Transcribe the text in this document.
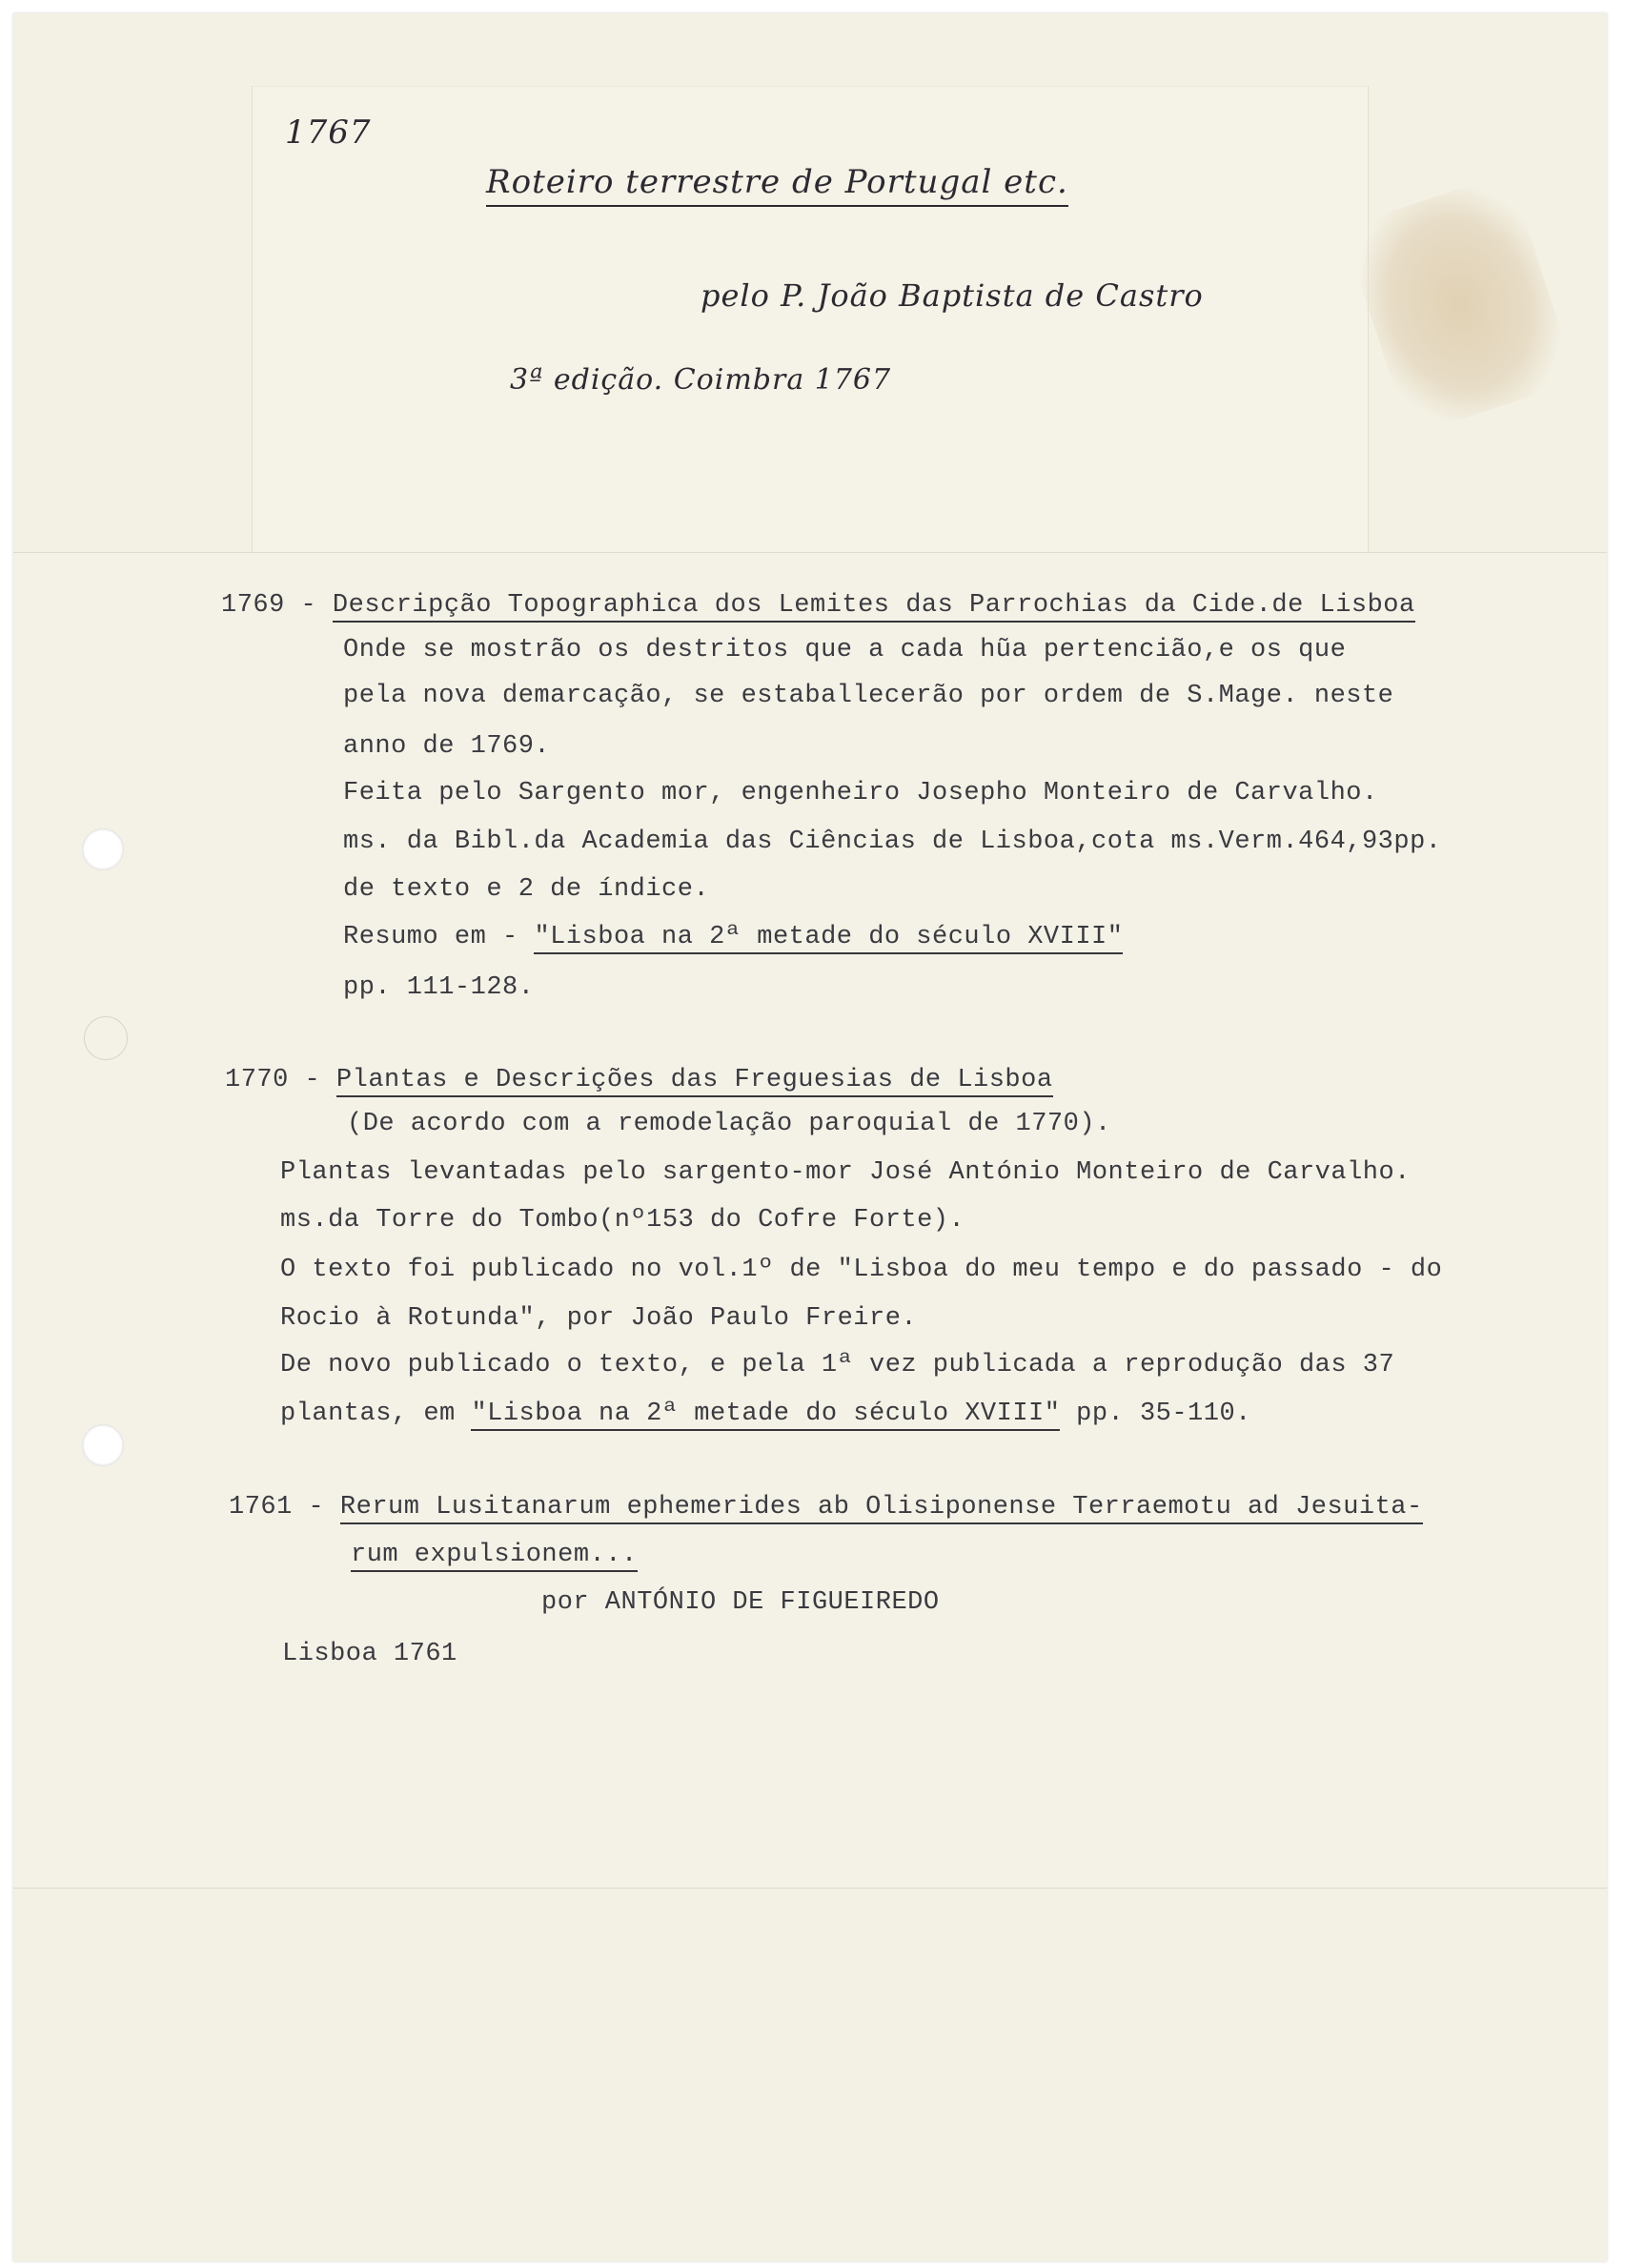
1767
Roteiro terrestre de Portugal etc.
pelo P. João Baptista de Castro
3ª edição. Coimbra 1767
1769 - Descripção Topographica dos Lemites das Parrochias da Cide.de Lisboa
Onde se mostrão os destritos que a cada hũa pertencião,e os que
pela nova demarcação, se estaballecerão por ordem de S.Mage. neste
anno de 1769.
Feita pelo Sargento mor, engenheiro Josepho Monteiro de Carvalho.
ms. da Bibl.da Academia das Ciências de Lisboa,cota ms.Verm.464,93pp.
de texto e 2 de índice.
Resumo em - "Lisboa na 2ª metade do século XVIII"
pp. 111-128.
1770 - Plantas e Descrições das Freguesias de Lisboa
(De acordo com a remodelação paroquial de 1770).
Plantas levantadas pelo sargento-mor José António Monteiro de Carvalho.
ms.da Torre do Tombo(nº153 do Cofre Forte).
O texto foi publicado no vol.1º de "Lisboa do meu tempo e do passado - do
Rocio à Rotunda", por João Paulo Freire.
De novo publicado o texto, e pela 1ª vez publicada a reprodução das 37
plantas, em "Lisboa na 2ª metade do século XVIII" pp. 35-110.
1761 - Rerum Lusitanarum ephemerides ab Olisiponense Terraemotu ad Jesuita-
rum expulsionem...
por ANTÓNIO DE FIGUEIREDO
Lisboa 1761
